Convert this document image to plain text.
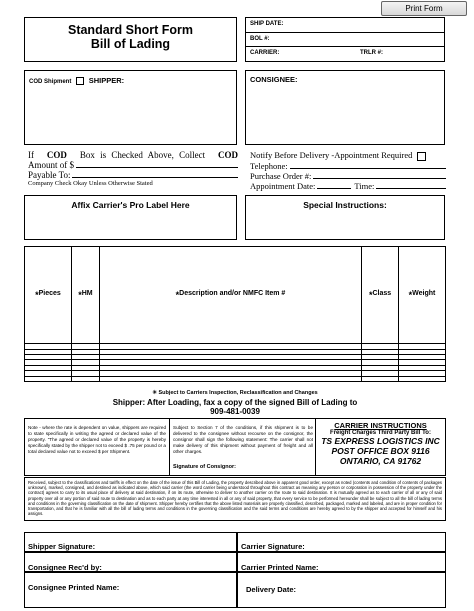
Print Form
Standard Short Form
Bill of Lading
SHIP DATE:
BOL #:
CARRIER:	TRLR #:
COD Shipment SHIPPER:	CONSIGNEE:
If COD Box is Checked Above, Collect COD
Amount of $
Payable To:
Company Check Okay Unless Otherwise Stated
Notify Before Delivery -Appointment Required
Telephone:
Purchase Order #:
Appointment Date:	Time:
Affix Carrier's Pro Label Here	Special Instructions:
*Pieces	*HM	*Description and/or NMFC Item #	*Class	*Weight

✳ Subject to Carriers Inspection, Reclassification and Changes
Shipper: After Loading, fax a copy of the signed Bill of Lading to
909-481-0039
Note - where the rate is dependent on value, shippers are required to state specifically in writing the agreed or declared value of the property. "The agreed or declared value of the property is hereby specifically stated by the shipper not to exceed $ .75 per pound or a total declared value not to exceed $ per Shipment.
Subject to Section 7 of the conditions, if this shipment is to be delivered to the consignee without recourse on the consignor, the consignor shall sign the following statement: The carrier shall not make delivery of this shipment without payment of freight and all other charges.
Signature of Consignor:
CARRIER INSTRUCTIONS
Freight Charges Third Party Bill To:
TS EXPRESS LOGISTICS INC
POST OFFICE BOX 9116
ONTARIO, CA 91762
Received, subject to the classifications and tariffs in effect on the date of the issue of this Bill of Lading, the property described above in apparent good order, except as noted (contents and condition of contents of packages unknown), marked, consigned, and destined as indicated above, which said carrier (the word carrier being understood throughout this contract as meaning any person or corporation in possession of the property under the contract) agrees to carry to its usual place of delivery at said destination, if on its route, otherwise to deliver to another carrier on the route to said destination. It is mutually agreed as to each carrier of all or any of said property over all or any portion of said route to destination and as to each party at any time interested in all or any of said property, that every service to be performed hereunder shall be subject to all the bill of lading terms and conditions in the governing classification on the date of shipment. Shipper hereby certifies that the above listed materials are properly classified, described, packaged, marked and labeled, and are in proper condition for transportation, and that he is familiar with all the bill of lading terms and conditions in the governing classification and the said terms and conditions are hereby agreed to by the shipper and accepted for himself and his assigns.
Shipper Signature:	Carrier Signature:
Consignee Rec'd by:	Carrier Printed Name:
Consignee Printed Name:	Delivery Date:
